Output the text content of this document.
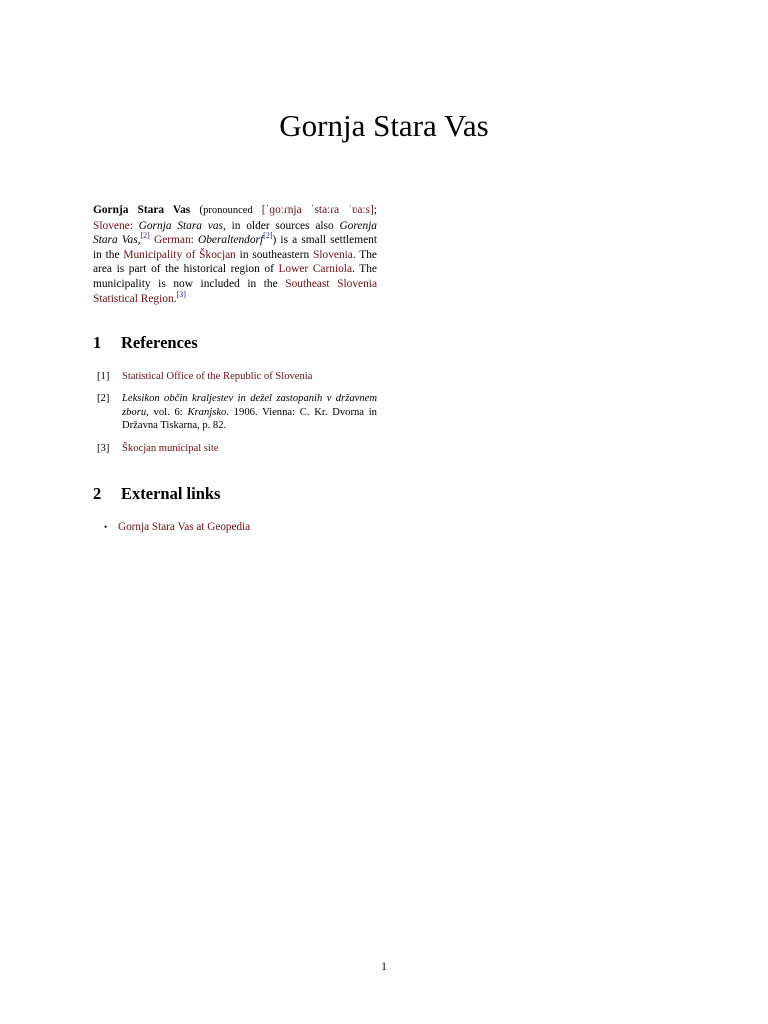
Gornja Stara Vas

Gornja Stara Vas (pronounced [ˈɡoːɾnja ˈstaːɾa ˈʋaːs]; Slovene: Gornja Stara vas, in older sources also Gorenja Stara Vas,[2] German: Oberaltendorf[2]) is a small settlement in the Municipality of Škocjan in southeastern Slovenia. The area is part of the historical region of Lower Carniola. The municipality is now included in the Southeast Slovenia Statistical Region.[3]

1 References
[1]	Statistical Office of the Republic of Slovenia
[2]	Leksikon občin kraljestev in dežel zastopanih v državnem zboru, vol. 6: Kranjsko. 1906. Vienna: C. Kr. Dvorna in Državna Tiskarna, p. 82.
[3]	Škocjan municipal site
2 External links
• Gornja Stara Vas at Geopedia
1
